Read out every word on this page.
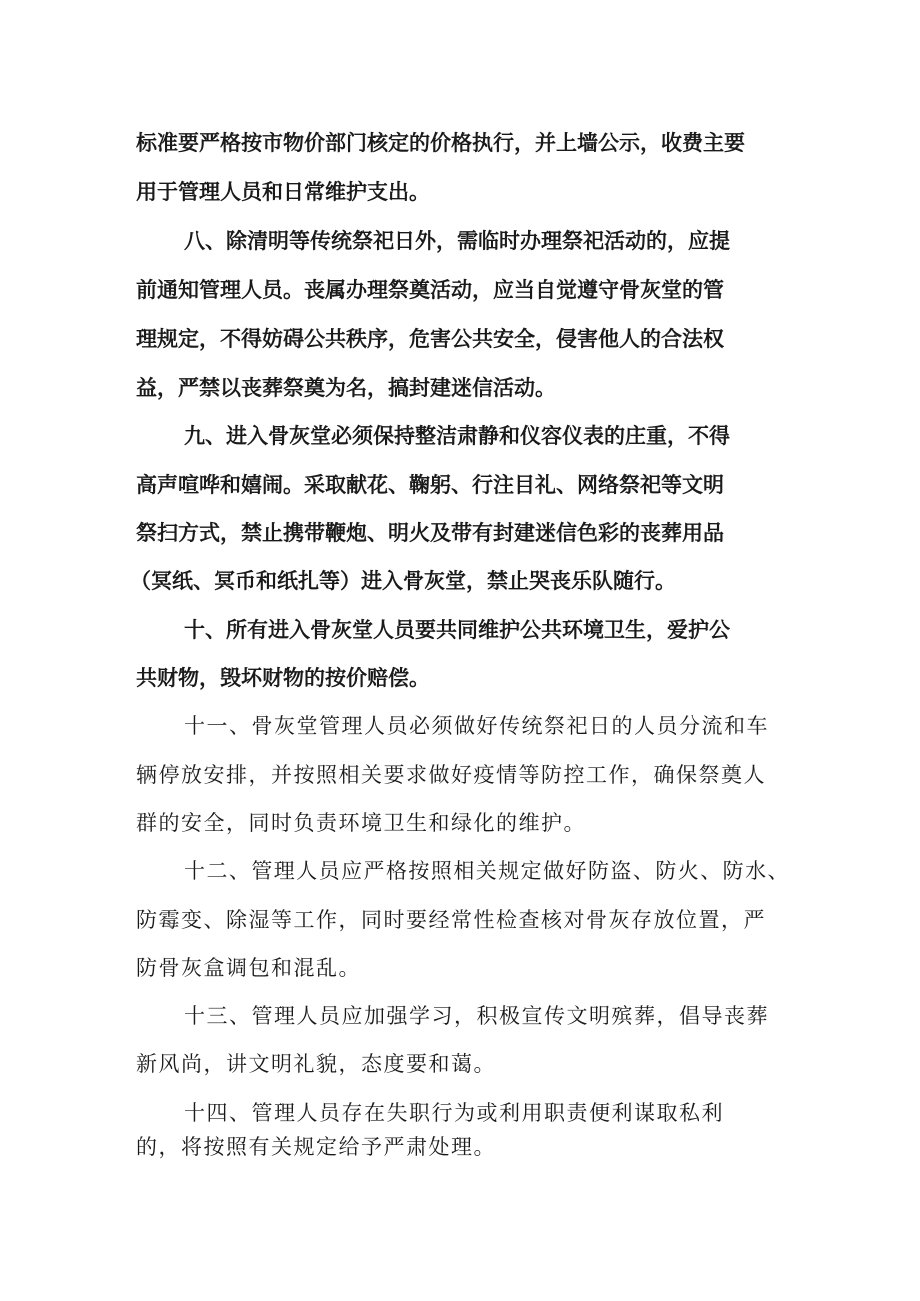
标准要严格按市物价部门核定的价格执行，并上墙公示，收费主要
用于管理人员和日常维护支出。
八、除清明等传统祭祀日外，需临时办理祭祀活动的，应提
前通知管理人员。丧属办理祭奠活动，应当自觉遵守骨灰堂的管
理规定，不得妨碍公共秩序，危害公共安全，侵害他人的合法权
益，严禁以丧葬祭奠为名，搞封建迷信活动。
九、进入骨灰堂必须保持整洁肃静和仪容仪表的庄重，不得
高声喧哗和嬉闹。采取献花、鞠躬、行注目礼、网络祭祀等文明
祭扫方式，禁止携带鞭炮、明火及带有封建迷信色彩的丧葬用品
（冥纸、冥币和纸扎等）进入骨灰堂，禁止哭丧乐队随行。
十、所有进入骨灰堂人员要共同维护公共环境卫生，爱护公
共财物，毁坏财物的按价赔偿。
十一、骨灰堂管理人员必须做好传统祭祀日的人员分流和车
辆停放安排，并按照相关要求做好疫情等防控工作，确保祭奠人
群的安全，同时负责环境卫生和绿化的维护。
十二、管理人员应严格按照相关规定做好防盗、防火、防水、
防霉变、除湿等工作，同时要经常性检查核对骨灰存放位置，严
防骨灰盒调包和混乱。
十三、管理人员应加强学习，积极宣传文明殡葬，倡导丧葬
新风尚，讲文明礼貌，态度要和蔼。
十四、管理人员存在失职行为或利用职责便利谋取私利
的，将按照有关规定给予严肃处理。
